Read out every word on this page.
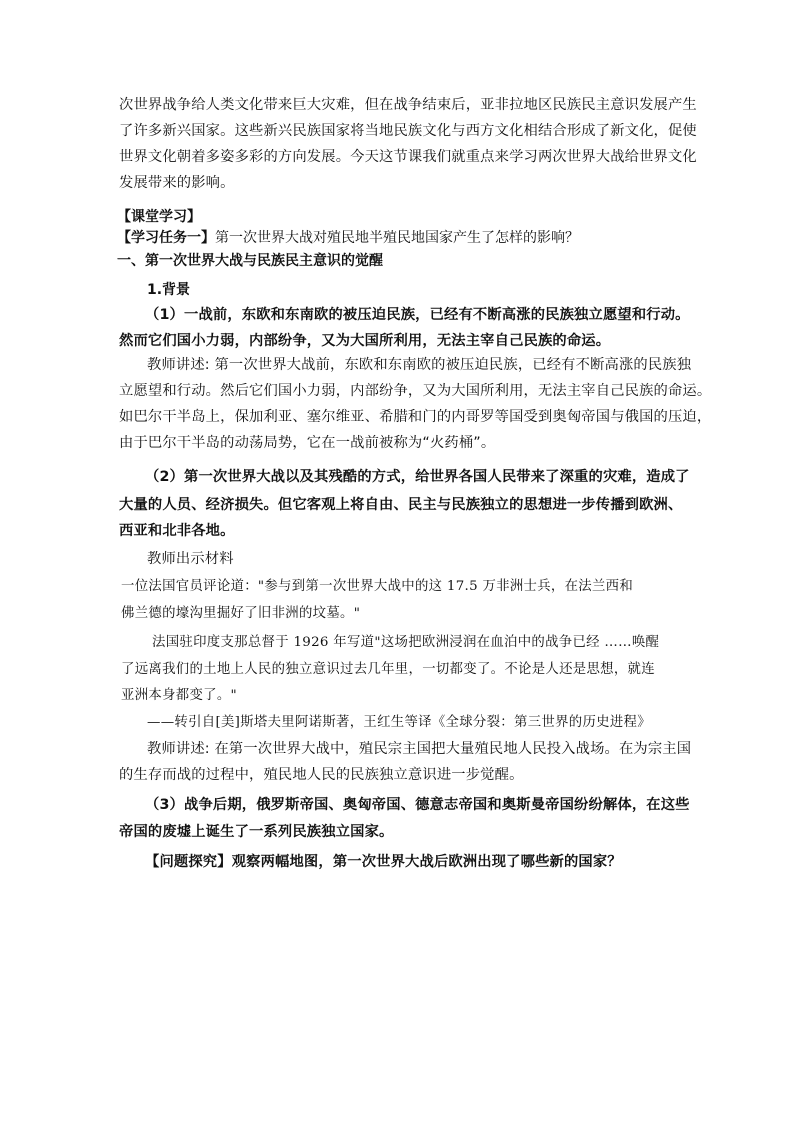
次世界战争给人类文化带来巨大灾难，但在战争结束后，亚非拉地区民族民主意识发展产生
了许多新兴国家。这些新兴民族国家将当地民族文化与西方文化相结合形成了新文化，促使
世界文化朝着多姿多彩的方向发展。今天这节课我们就重点来学习两次世界大战给世界文化
发展带来的影响。
【课堂学习】
【学习任务一】第一次世界大战对殖民地半殖民地国家产生了怎样的影响？
一、第一次世界大战与民族民主意识的觉醒
1.背景
（1）一战前，东欧和东南欧的被压迫民族，已经有不断高涨的民族独立愿望和行动。
然而它们国小力弱，内部纷争，又为大国所利用，无法主宰自己民族的命运。
教师讲述: 第一次世界大战前，东欧和东南欧的被压迫民族，已经有不断高涨的民族独
立愿望和行动。然后它们国小力弱，内部纷争，又为大国所利用，无法主宰自己民族的命运。
如巴尔干半岛上，保加利亚、塞尔维亚、希腊和门的内哥罗等国受到奥匈帝国与俄国的压迫，
由于巴尔干半岛的动荡局势，它在一战前被称为“火药桶”。
（2）第一次世界大战以及其残酷的方式，给世界各国人民带来了深重的灾难，造成了
大量的人员、经济损失。但它客观上将自由、民主与民族独立的思想进一步传播到欧洲、
西亚和北非各地。
教师出示材料
一位法国官员评论道："参与到第一次世界大战中的这 17.5 万非洲士兵，在法兰西和
佛兰德的壕沟里掘好了旧非洲的坟墓。"
法国驻印度支那总督于 1926 年写道"这场把欧洲浸润在血泊中的战争已经 ……唤醒
了远离我们的土地上人民的独立意识过去几年里，一切都变了。不论是人还是思想，就连
亚洲本身都变了。"
——转引自[美]斯塔夫里阿诺斯著，王红生等译《全球分裂：第三世界的历史进程》
教师讲述: 在第一次世界大战中，殖民宗主国把大量殖民地人民投入战场。在为宗主国
的生存而战的过程中，殖民地人民的民族独立意识进一步觉醒。
（3）战争后期，俄罗斯帝国、奥匈帝国、德意志帝国和奥斯曼帝国纷纷解体，在这些
帝国的废墟上诞生了一系列民族独立国家。
【问题探究】观察两幅地图，第一次世界大战后欧洲出现了哪些新的国家？
